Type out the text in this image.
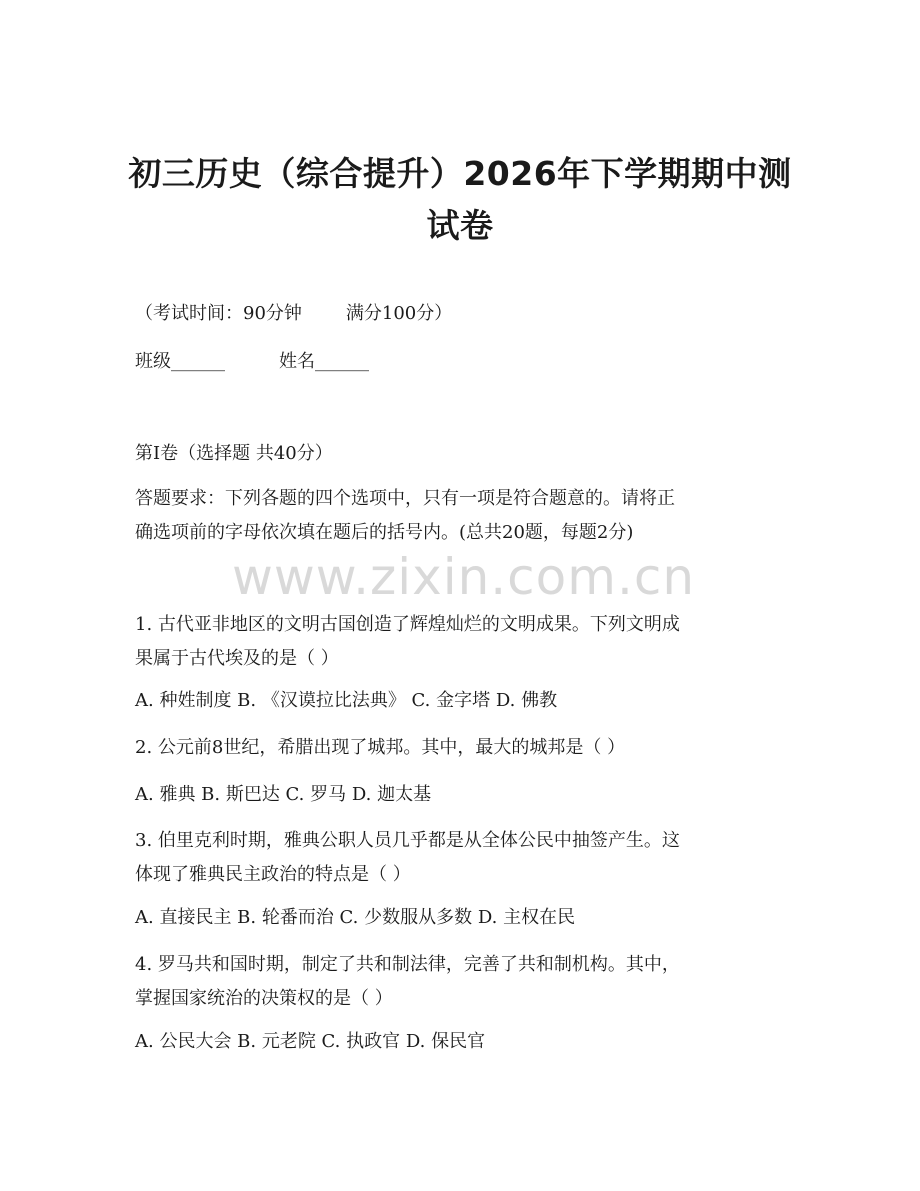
初三历史（综合提升）2026年下学期期中测
试卷
（考试时间：90分钟 满分100分）
班级______	姓名______
第Ⅰ卷（选择题 共40分）
答题要求：下列各题的四个选项中，只有一项是符合题意的。请将正
确选项前的字母依次填在题后的括号内。(总共20题，每题2分)
www.zixin.com.cn
1. 古代亚非地区的文明古国创造了辉煌灿烂的文明成果。下列文明成
果属于古代埃及的是（ ）
A. 种姓制度 B. 《汉谟拉比法典》 C. 金字塔 D. 佛教
2. 公元前8世纪，希腊出现了城邦。其中，最大的城邦是（ ）
A. 雅典 B. 斯巴达 C. 罗马 D. 迦太基
3. 伯里克利时期，雅典公职人员几乎都是从全体公民中抽签产生。这
体现了雅典民主政治的特点是（ ）
A. 直接民主 B. 轮番而治 C. 少数服从多数 D. 主权在民
4. 罗马共和国时期，制定了共和制法律，完善了共和制机构。其中，
掌握国家统治的决策权的是（ ）
A. 公民大会 B. 元老院 C. 执政官 D. 保民官
